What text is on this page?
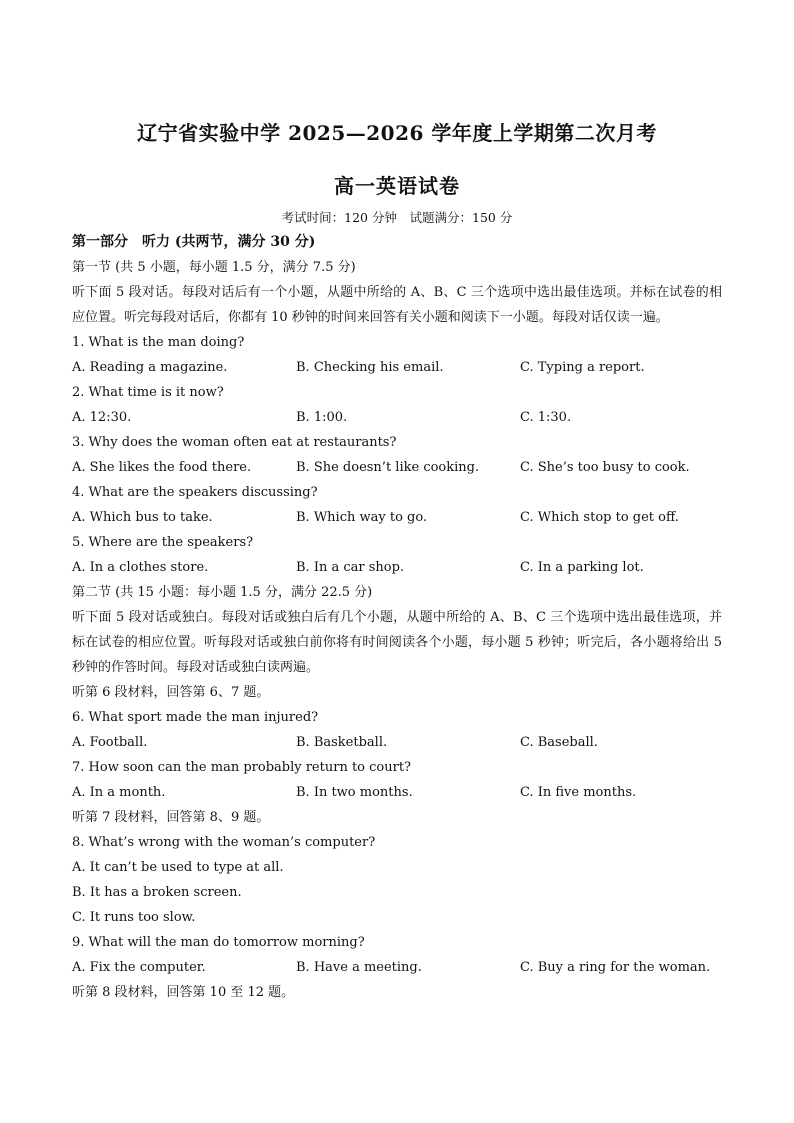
辽宁省实验中学 2025—2026 学年度上学期第二次月考
高一英语试卷
考试时间：120 分钟　试题满分：150 分
第一部分　听力 (共两节，满分 30 分)
第一节 (共 5 小题，每小题 1.5 分，满分 7.5 分)
听下面 5 段对话。每段对话后有一个小题，从题中所给的 A、B、C 三个选项中选出最佳选项。并标在试卷的相应位置。听完每段对话后，你都有 10 秒钟的时间来回答有关小题和阅读下一小题。每段对话仅读一遍。
1. What is the man doing?
A. Reading a magazine.	B. Checking his email.	C. Typing a report.
2. What time is it now?
A. 12:30.	B. 1:00.	C. 1:30.
3. Why does the woman often eat at restaurants?
A. She likes the food there.	B. She doesn’t like cooking.	C. She’s too busy to cook.
4. What are the speakers discussing?
A. Which bus to take.	B. Which way to go.	C. Which stop to get off.
5. Where are the speakers?
A. In a clothes store.	B. In a car shop.	C. In a parking lot.
第二节 (共 15 小题：每小题 1.5 分，满分 22.5 分)
听下面 5 段对话或独白。每段对话或独白后有几个小题，从题中所给的 A、B、C 三个选项中选出最佳选项，并标在试卷的相应位置。听每段对话或独白前你将有时间阅读各个小题，每小题 5 秒钟；听完后，各小题将给出 5 秒钟的作答时间。每段对话或独白读两遍。
听第 6 段材料，回答第 6、7 题。
6. What sport made the man injured?
A. Football.	B. Basketball.	C. Baseball.
7. How soon can the man probably return to court?
A. In a month.	B. In two months.	C. In five months.
听第 7 段材料，回答第 8、9 题。
8. What’s wrong with the woman’s computer?
A. It can’t be used to type at all.
B. It has a broken screen.
C. It runs too slow.
9. What will the man do tomorrow morning?
A. Fix the computer.	B. Have a meeting.	C. Buy a ring for the woman.
听第 8 段材料，回答第 10 至 12 题。
